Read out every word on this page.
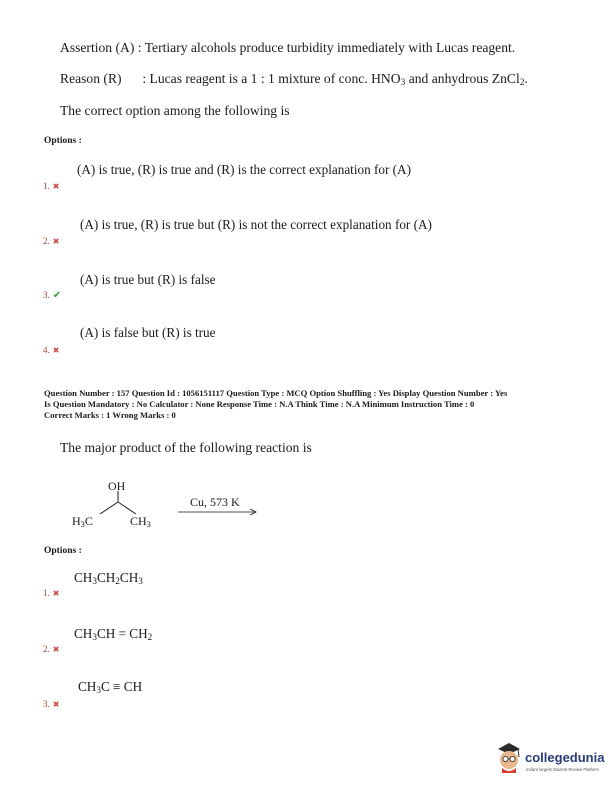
Assertion (A) : Tertiary alcohols produce turbidity immediately with Lucas reagent.
Reason (R) : Lucas reagent is a 1 : 1 mixture of conc. $HNO_3$ and anhydrous ZnCl$_2$.
The correct option among the following is
Options :
(A) is true, (R) is true and (R) is the correct explanation for (A)
1. ✖
(A) is true, (R) is true but (R) is not the correct explanation for (A)
2. ✖
(A) is true but (R) is false
3. ✔
(A) is false but (R) is true
4. ✖
Question Number : 157 Question Id : 1056151117 Question Type : MCQ Option Shuffling : Yes Display Question Number : Yes
Is Question Mandatory : No Calculator : None Response Time : N.A Think Time : N.A Minimum Instruction Time : 0
Correct Marks : 1 Wrong Marks : 0
The major product of the following reaction is
OH
$H_3C$	$CH_3$
Cu, 573 K
Options :
$CH_3CH_2CH_3$
1. ✖
$CH_3CH = CH_2$
2. ✖
$CH_3C$ ≡ CH
3. ✖
collegedunia
India's largest Student Review Platform
